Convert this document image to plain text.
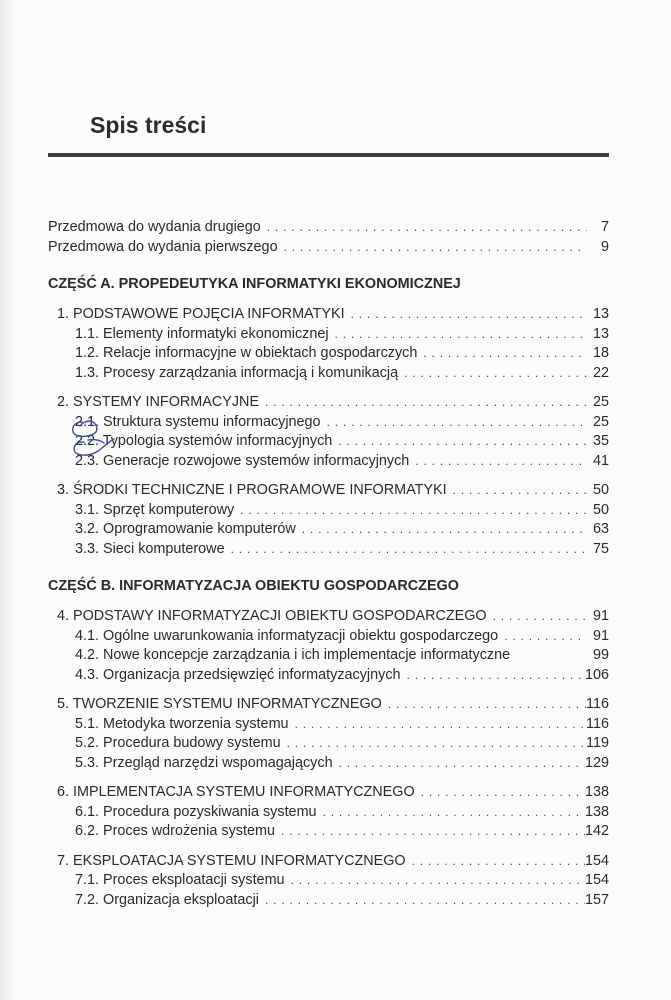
Spis treści
Przedmowa do wydania drugiego . . .	7
Przedmowa do wydania pierwszego . . .	9
CZĘŚĆ A. PROPEDEUTYKA INFORMATYKI EKONOMICZNEJ
1. PODSTAWOWE POJĘCIA INFORMATYKI . . .	13
1.1. Elementy informatyki ekonomicznej . . .	13
1.2. Relacje informacyjne w obiektach gospodarczych . . .	18
1.3. Procesy zarządzania informacją i komunikacją . . .	22
2. SYSTEMY INFORMACYJNE . . .	25
2.1. Struktura systemu informacyjnego . . .	25
2.2. Typologia systemów informacyjnych . . .	35
2.3. Generacje rozwojowe systemów informacyjnych . . .	41
3. ŚRODKI TECHNICZNE I PROGRAMOWE INFORMATYKI . . .	50
3.1. Sprzęt komputerowy . . .	50
3.2. Oprogramowanie komputerów . . .	63
3.3. Sieci komputerowe . . .	75
CZĘŚĆ B. INFORMATYZACJA OBIEKTU GOSPODARCZEGO
4. PODSTAWY INFORMATYZACJI OBIEKTU GOSPODARCZEGO . . .	91
4.1. Ogólne uwarunkowania informatyzacji obiektu gospodarczego . . .	91
4.2. Nowe koncepcje zarządzania i ich implementacje informatyczne	99
4.3. Organizacja przedsięwzięć informatyzacyjnych . . .	106
5. TWORZENIE SYSTEMU INFORMATYCZNEGO . . .	116
5.1. Metodyka tworzenia systemu . . .	116
5.2. Procedura budowy systemu . . .	119
5.3. Przegląd narzędzi wspomagających . . .	129
6. IMPLEMENTACJA SYSTEMU INFORMATYCZNEGO . . .	138
6.1. Procedura pozyskiwania systemu . . .	138
6.2. Proces wdrożenia systemu . . .	142
7. EKSPLOATACJA SYSTEMU INFORMATYCZNEGO . . .	154
7.1. Proces eksploatacji systemu . . .	154
7.2. Organizacja eksploatacji . . .	157
